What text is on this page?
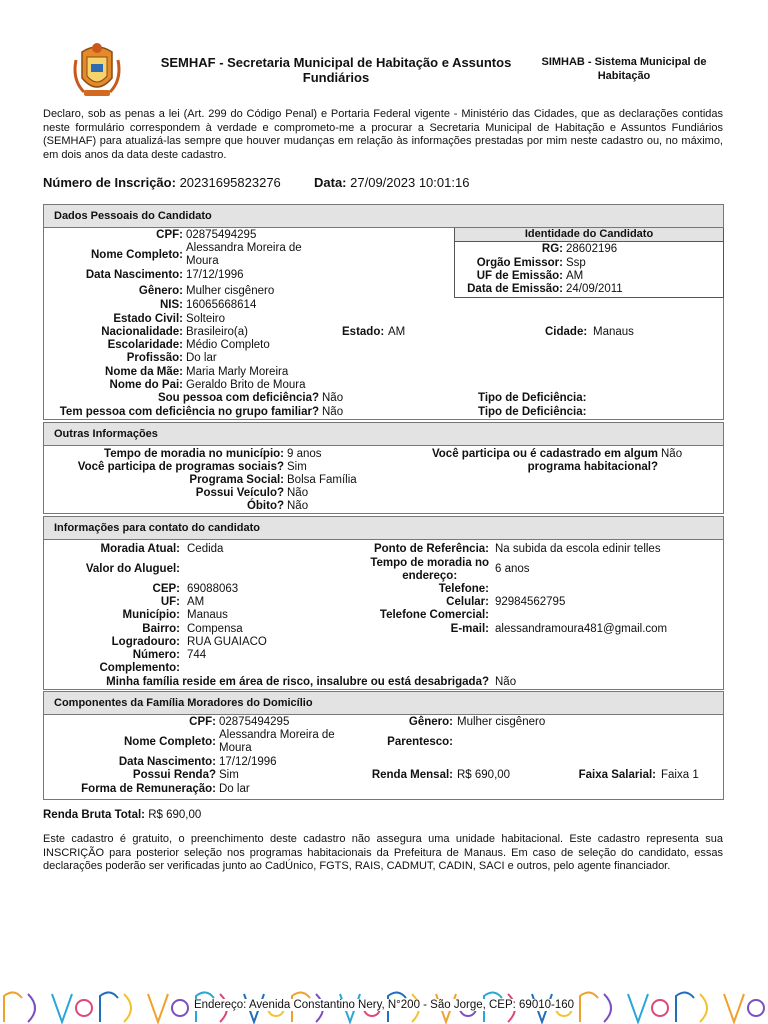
SEMHAF - Secretaria Municipal de Habitação e Assuntos
Fundiários
SIMHAB - Sistema Municipal de
Habitação
Declaro, sob as penas a lei (Art. 299 do Código Penal) e Portaria Federal vigente - Ministério das Cidades, que as declarações contidas neste formulário correspondem à verdade e comprometo-me a procurar a Secretaria Municipal de Habitação e Assuntos Fundiários (SEMHAF) para atualizá-las sempre que houver mudanças em relação às informações prestadas por mim neste cadastro ou, no máximo, em dois anos da data deste cadastro.
Número de Inscrição: 20231695823276	Data: 27/09/2023 10:01:16
Dados Pessoais do Candidato
CPF: 02875494295
Nome Completo:
Alessandra Moreira de
Moura
Data Nascimento: 17/12/1996
Gênero: Mulher cisgênero
NIS: 16065668614
Estado Civil: Solteiro
Nacionalidade: Brasileiro(a)	Estado: AM	Cidade: Manaus
Escolaridade: Médio Completo
Profissão: Do lar
Nome da Mãe: Maria Marly Moreira
Nome do Pai: Geraldo Brito de Moura
Sou pessoa com deficiência? Não
Tem pessoa com deficiência no grupo familiar? Não
Tipo de Deficiência:
Tipo de Deficiência:
Identidade do Candidato
RG: 28602196
Orgão Emissor: Ssp
UF de Emissão: AM
Data de Emissão: 24/09/2011
Outras Informações
Tempo de moradia no município: 9 anos
Você participa de programas sociais? Sim
Programa Social: Bolsa Família
Possui Veículo? Não
Óbito? Não
Você participa ou é cadastrado em algum
programa habitacional?
Não
Informações para contato do candidato
Moradia Atual: Cedida
Valor do Aluguel:
CEP: 69088063
UF: AM
Município: Manaus
Bairro: Compensa
Logradouro: RUA GUAIACO
Número: 744
Complemento:
Minha família reside em área de risco, insalubre ou está desabrigada? Não
Ponto de Referência: Na subida da escola edinir telles
Tempo de moradia no
endereço:
6 anos
Telefone:
Celular: 92984562795
Telefone Comercial:
E-mail: alessandramoura481@gmail.com
Componentes da Família Moradores do Domicílio
CPF: 02875494295
Nome Completo:
Alessandra Moreira de
Moura
Data Nascimento: 17/12/1996
Possui Renda? Sim
Forma de Remuneração: Do lar
Gênero: Mulher cisgênero
Parentesco:
Renda Mensal: R$ 690,00	Faixa Salarial: Faixa 1
Renda Bruta Total: R$ 690,00
Este cadastro é gratuito, o preenchimento deste cadastro não assegura uma unidade habitacional. Este cadastro representa sua INSCRIÇÃO para posterior seleção nos programas habitacionais da Prefeitura de Manaus. Em caso de seleção do candidato, essas declarações poderão ser verificadas junto ao CadÚnico, FGTS, RAIS, CADMUT, CADIN, SACI e outros, pelo agente financiador.
Endereço: Avenida Constantino Nery, N°200 - São Jorge, CEP: 69010-160
